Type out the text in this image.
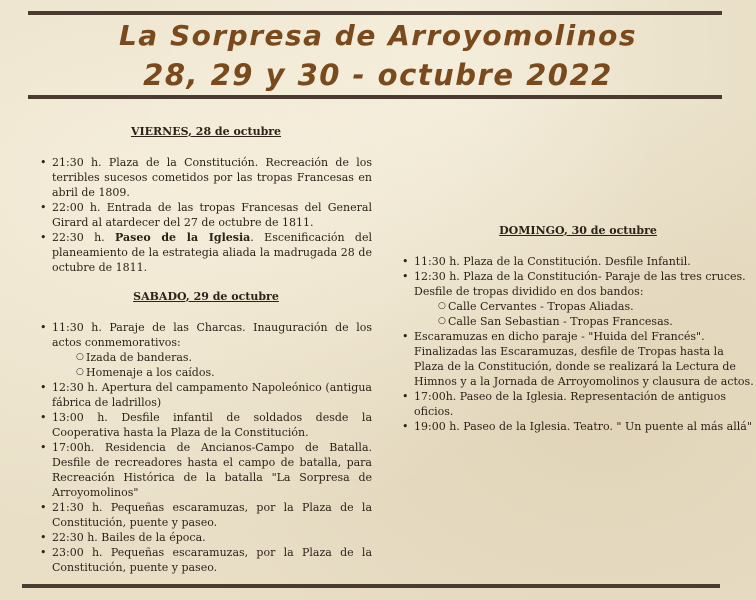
La Sorpresa de Arroyomolinos
28, 29 y 30 - octubre 2022
VIERNES, 28 de octubre
• 21:30 h. Plaza de la Constitución. Recreación de los terribles sucesos cometidos por las tropas Francesas en abril de 1809.
• 22:00 h. Entrada de las tropas Francesas del General Girard al atardecer del 27 de octubre de 1811.
• 22:30 h. Paseo de la Iglesia. Escenificación del planeamiento de la estrategia aliada la madrugada 28 de octubre de 1811.
SABADO, 29 de octubre
• 11:30 h. Paraje de las Charcas. Inauguración de los actos conmemorativos:
○ Izada de banderas.
○ Homenaje a los caídos.
• 12:30 h. Apertura del campamento Napoleónico (antigua fábrica de ladrillos)
• 13:00 h. Desfile infantil de soldados desde la Cooperativa hasta la Plaza de la Constitución.
• 17:00h. Residencia de Ancianos-Campo de Batalla. Desfile de recreadores hasta el campo de batalla, para Recreación Histórica de la batalla "La Sorpresa de Arroyomolinos"
• 21:30 h. Pequeñas escaramuzas, por la Plaza de la Constitución, puente y paseo.
• 22:30 h. Bailes de la época.
• 23:00 h. Pequeñas escaramuzas, por la Plaza de la Constitución, puente y paseo.
DOMINGO, 30 de octubre
• 11:30 h. Plaza de la Constitución. Desfile Infantil.
• 12:30 h. Plaza de la Constitución- Paraje de las tres cruces. Desfile de tropas dividido en dos bandos:
○ Calle Cervantes - Tropas Aliadas.
○ Calle San Sebastian - Tropas Francesas.
• Escaramuzas en dicho paraje - "Huida del Francés". Finalizadas las Escaramuzas, desfile de Tropas hasta la Plaza de la Constitución, donde se realizará la Lectura de Himnos y a la Jornada de Arroyomolinos y clausura de actos.
• 17:00h. Paseo de la Iglesia. Representación de antiguos oficios.
• 19:00 h. Paseo de la Iglesia. Teatro. " Un puente al más allá"
